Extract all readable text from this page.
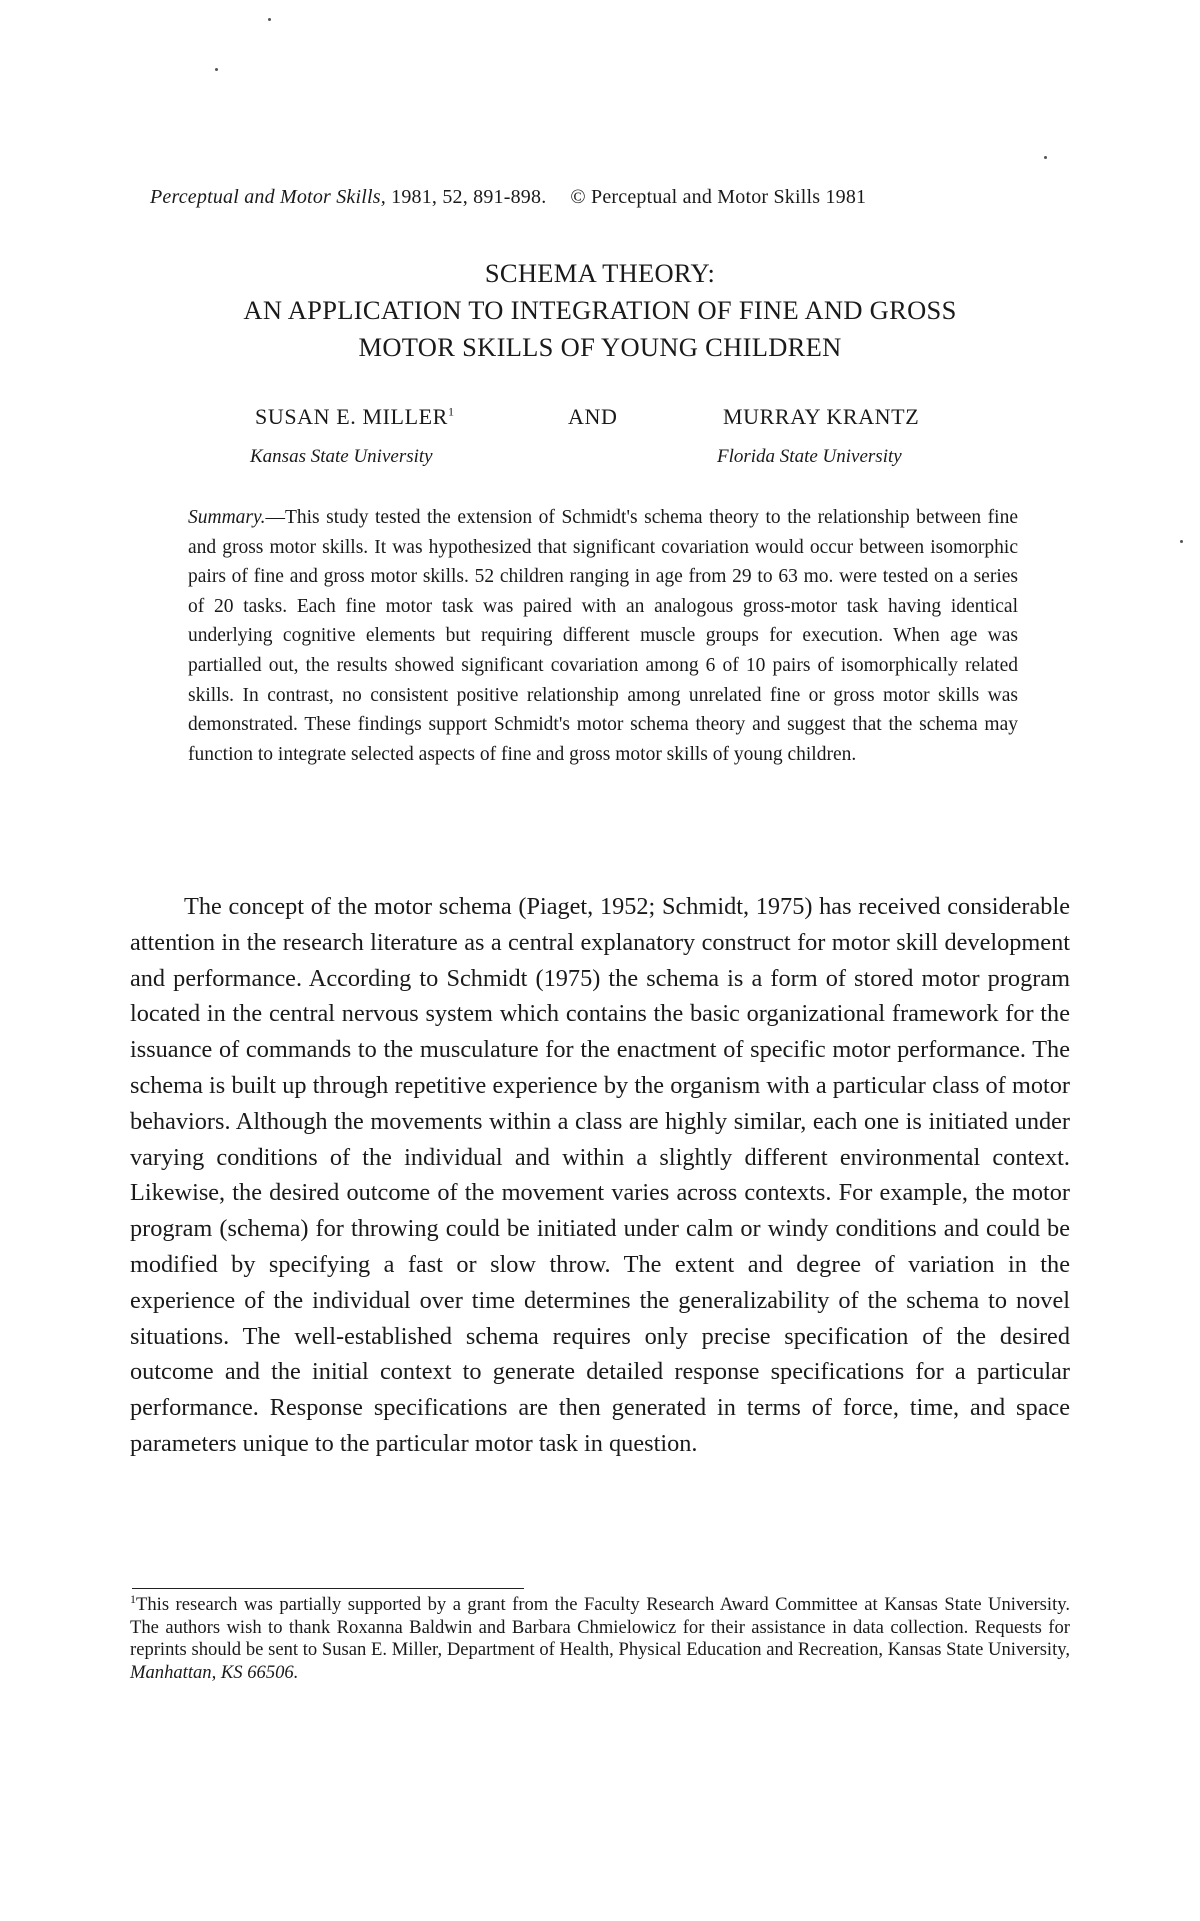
Perceptual and Motor Skills, 1981, 52, 891-898. © Perceptual and Motor Skills 1981
SCHEMA THEORY:
AN APPLICATION TO INTEGRATION OF FINE AND GROSS
MOTOR SKILLS OF YOUNG CHILDREN
SUSAN E. MILLER$^1$	AND	MURRAY KRANTZ
Kansas State University	Florida State University
Summary.—This study tested the extension of Schmidt's schema theory to the relationship between fine and gross motor skills. It was hypothesized that significant covariation would occur between isomorphic pairs of fine and gross motor skills. 52 children ranging in age from 29 to 63 mo. were tested on a series of 20 tasks. Each fine motor task was paired with an analogous gross-motor task having identical underlying cognitive elements but requiring different muscle groups for execution. When age was partialled out, the results showed significant covariation among 6 of 10 pairs of isomorphically related skills. In contrast, no consistent positive relationship among unrelated fine or gross motor skills was demonstrated. These findings support Schmidt's motor schema theory and suggest that the schema may function to integrate selected aspects of fine and gross motor skills of young children.
The concept of the motor schema (Piaget, 1952; Schmidt, 1975) has received considerable attention in the research literature as a central explanatory construct for motor skill development and performance. According to Schmidt (1975) the schema is a form of stored motor program located in the central nervous system which contains the basic organizational framework for the issuance of commands to the musculature for the enactment of specific motor performance. The schema is built up through repetitive experience by the organism with a particular class of motor behaviors. Although the movements within a class are highly similar, each one is initiated under varying conditions of the individual and within a slightly different environmental context. Likewise, the desired outcome of the movement varies across contexts. For example, the motor program (schema) for throwing could be initiated under calm or windy conditions and could be modified by specifying a fast or slow throw. The extent and degree of variation in the experience of the individual over time determines the generalizability of the schema to novel situations. The well-established schema requires only precise specification of the desired outcome and the initial context to generate detailed response specifications for a particular performance. Response specifications are then generated in terms of force, time, and space parameters unique to the particular motor task in question.
$^1$This research was partially supported by a grant from the Faculty Research Award Committee at Kansas State University. The authors wish to thank Roxanna Baldwin and Barbara Chmielowicz for their assistance in data collection. Requests for reprints should be sent to Susan E. Miller, Department of Health, Physical Education and Recreation, Kansas State University, Manhattan, KS 66506.
